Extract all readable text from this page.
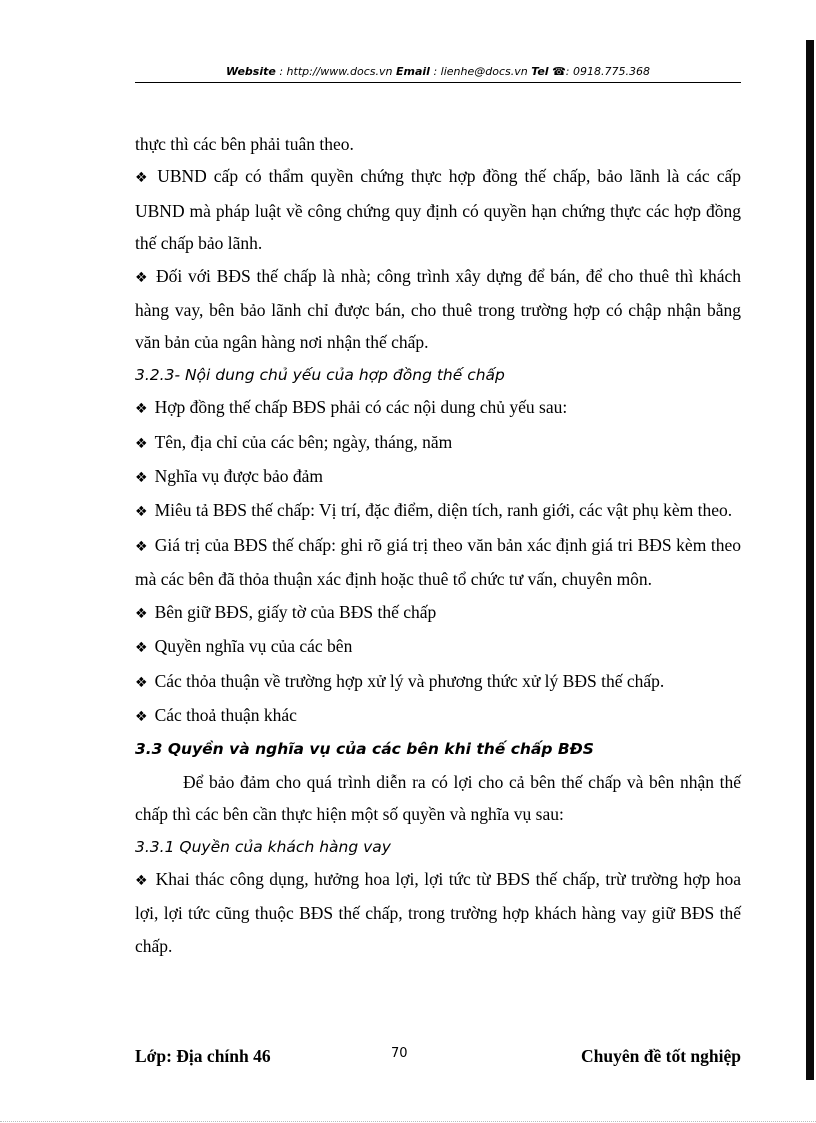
Website : http://www.docs.vn Email : lienhe@docs.vn Tel ☎: 0918.775.368

thực thì các bên phải tuân theo.

❖ UBND cấp có thẩm quyền chứng thực hợp đồng thế chấp, bảo lãnh là các cấp UBND mà pháp luật về công chứng quy định có quyền hạn chứng thực các hợp đồng thế chấp bảo lãnh.

❖ Đối với BĐS thế chấp là nhà; công trình xây dựng để bán, để cho thuê thì khách hàng vay, bên bảo lãnh chỉ được bán, cho thuê trong trường hợp có chập nhận bằng văn bản của ngân hàng nơi nhận thế chấp.

3.2.3- Nội dung chủ yếu của hợp đồng thế chấp

❖ Hợp đồng thế chấp BĐS phải có các nội dung chủ yếu sau:

❖ Tên, địa chỉ của các bên; ngày, tháng, năm

❖ Nghĩa vụ được bảo đảm

❖ Miêu tả BĐS thế chấp: Vị trí, đặc điểm, diện tích, ranh giới, các vật phụ kèm theo.

❖ Giá trị của BĐS thế chấp: ghi rõ giá trị theo văn bản xác định giá tri BĐS kèm theo mà các bên đã thỏa thuận xác định hoặc thuê tổ chức tư vấn, chuyên môn.

❖ Bên giữ BĐS, giấy tờ của BĐS thế chấp

❖ Quyền nghĩa vụ của các bên

❖ Các thỏa thuận về trường hợp xử lý và phương thức xử lý BĐS thế chấp.

❖ Các thoả thuận khác

3.3 Quyền và nghĩa vụ của các bên khi thế chấp BĐS

Để bảo đảm cho quá trình diễn ra có lợi cho cả bên thế chấp và bên nhận thế chấp thì các bên cần thực hiện một số quyền và nghĩa vụ sau:

3.3.1 Quyền của khách hàng vay

❖ Khai thác công dụng, hưởng hoa lợi, lợi tức từ BĐS thế chấp, trừ trường hợp hoa lợi, lợi tức cũng thuộc BĐS thế chấp, trong trường hợp khách hàng vay giữ BĐS thế chấp.

Lớp: Địa chính 46	70	Chuyên đề tốt nghiệp
